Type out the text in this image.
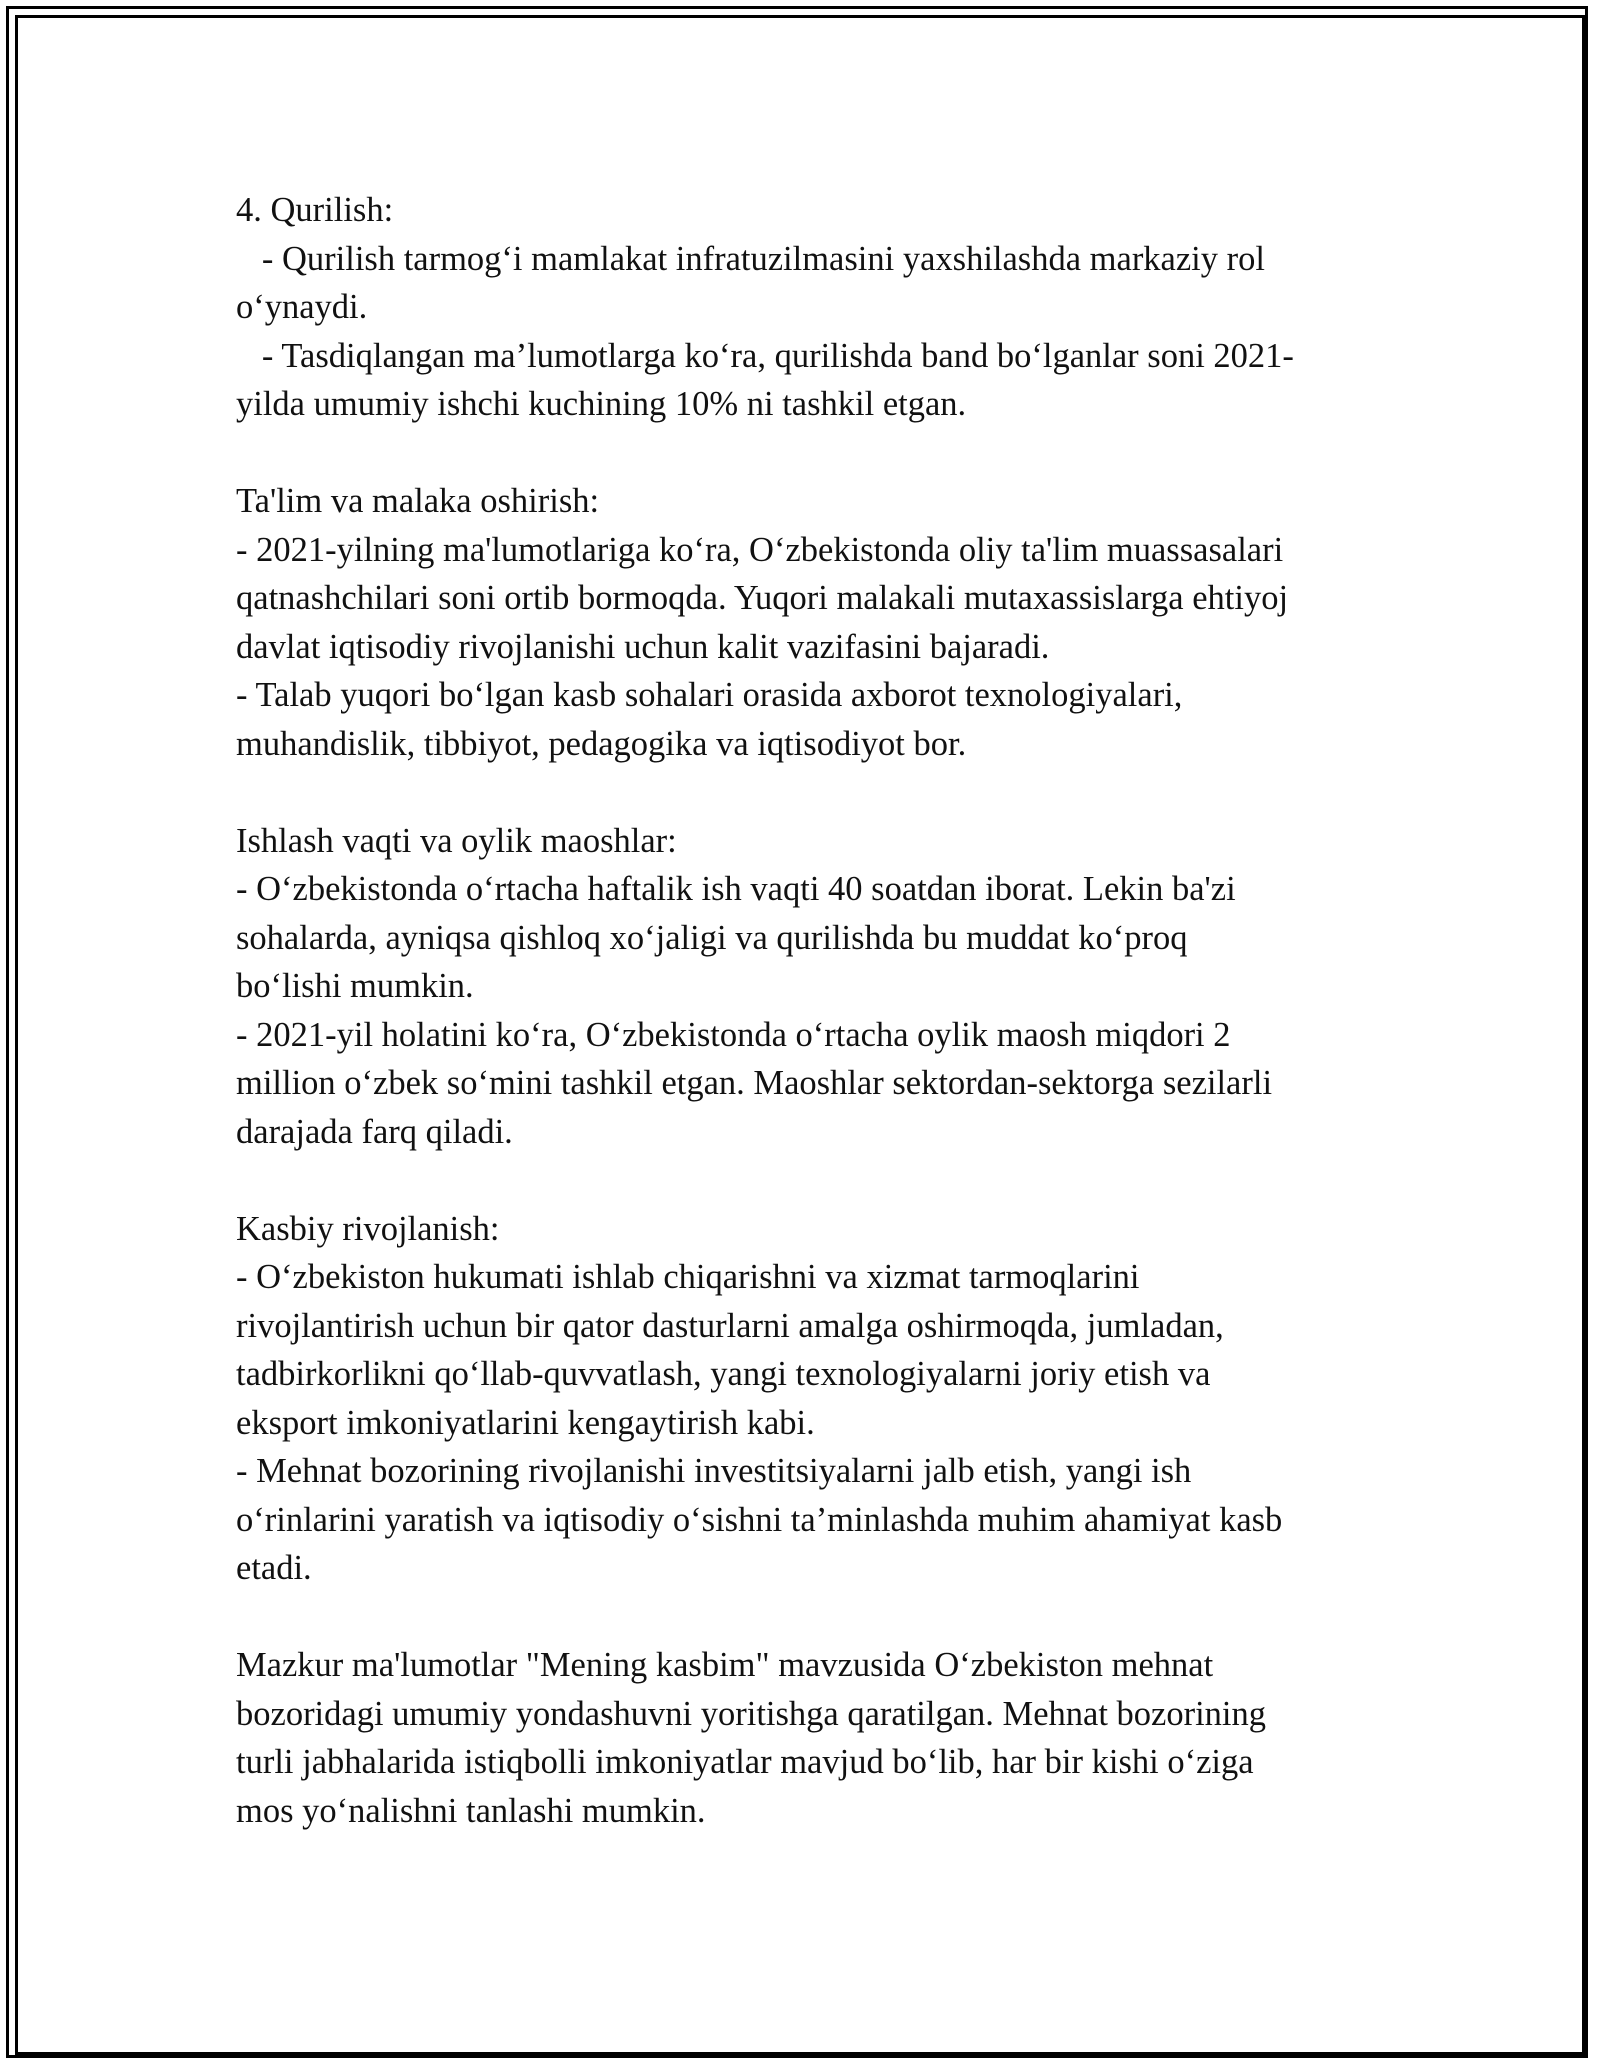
4. Qurilish:
- Qurilish tarmog‘i mamlakat infratuzilmasini yaxshilashda markaziy rol
o‘ynaydi.
- Tasdiqlangan ma’lumotlarga ko‘ra, qurilishda band bo‘lganlar soni 2021-
yilda umumiy ishchi kuchining 10% ni tashkil etgan.
Ta'lim va malaka oshirish:
- 2021-yilning ma'lumotlariga ko‘ra, O‘zbekistonda oliy ta'lim muassasalari
qatnashchilari soni ortib bormoqda. Yuqori malakali mutaxassislarga ehtiyoj
davlat iqtisodiy rivojlanishi uchun kalit vazifasini bajaradi.
- Talab yuqori bo‘lgan kasb sohalari orasida axborot texnologiyalari,
muhandislik, tibbiyot, pedagogika va iqtisodiyot bor.
Ishlash vaqti va oylik maoshlar:
- O‘zbekistonda o‘rtacha haftalik ish vaqti 40 soatdan iborat. Lekin ba'zi
sohalarda, ayniqsa qishloq xo‘jaligi va qurilishda bu muddat ko‘proq
bo‘lishi mumkin.
- 2021-yil holatini ko‘ra, O‘zbekistonda o‘rtacha oylik maosh miqdori 2
million o‘zbek so‘mini tashkil etgan. Maoshlar sektordan-sektorga sezilarli
darajada farq qiladi.
Kasbiy rivojlanish:
- O‘zbekiston hukumati ishlab chiqarishni va xizmat tarmoqlarini
rivojlantirish uchun bir qator dasturlarni amalga oshirmoqda, jumladan,
tadbirkorlikni qo‘llab-quvvatlash, yangi texnologiyalarni joriy etish va
eksport imkoniyatlarini kengaytirish kabi.
- Mehnat bozorining rivojlanishi investitsiyalarni jalb etish, yangi ish
o‘rinlarini yaratish va iqtisodiy o‘sishni ta’minlashda muhim ahamiyat kasb
etadi.
Mazkur ma'lumotlar "Mening kasbim" mavzusida O‘zbekiston mehnat
bozoridagi umumiy yondashuvni yoritishga qaratilgan. Mehnat bozorining
turli jabhalarida istiqbolli imkoniyatlar mavjud bo‘lib, har bir kishi o‘ziga
mos yo‘nalishni tanlashi mumkin.
